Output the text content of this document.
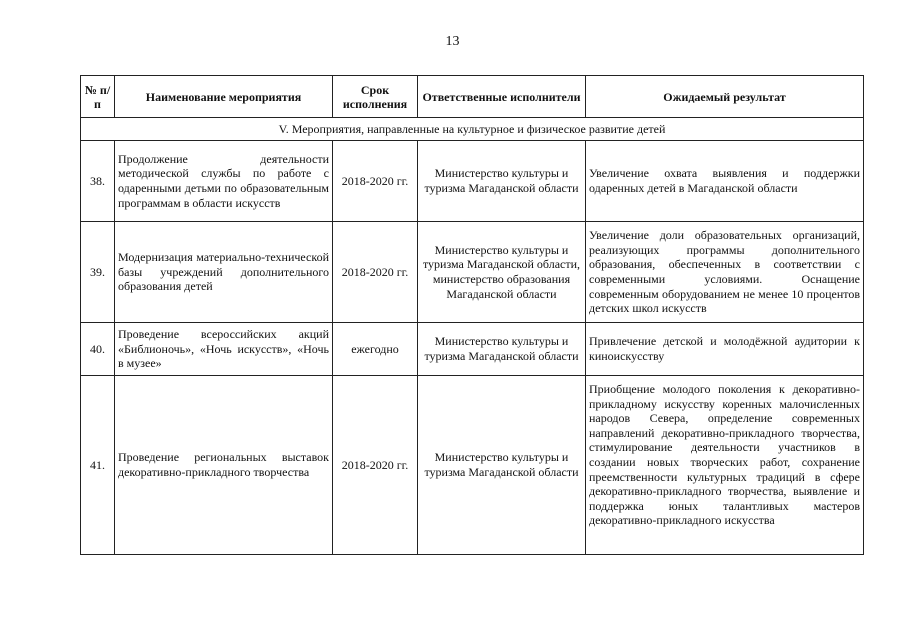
13
№ п/п	Наименование мероприятия	Срок исполнения	Ответственные исполнители	Ожидаемый результат
V. Мероприятия, направленные на культурное и физическое развитие детей				
38.	Продолжение деятельности методической службы по работе с одаренными детьми по образовательным программам в области искусств	2018-2020 гг.	Министерство культуры и туризма Магаданской области	Увеличение охвата выявления и поддержки одаренных детей в Магаданской области
39.	Модернизация материально-технической базы учреждений дополнительного образования детей	2018-2020 гг.	Министерство культуры и туризма Магаданской области, министерство образования Магаданской области	Увеличение доли образовательных организаций, реализующих программы дополнительного образования, обеспеченных в соответствии с современными условиями. Оснащение современным оборудованием не менее 10 процентов детских школ искусств
40.	Проведение всероссийских акций «Библионочь», «Ночь искусств», «Ночь в музее»	ежегодно	Министерство культуры и туризма Магаданской области	Привлечение детской и молодёжной аудитории к киноискусству
41.	Проведение региональных выставок декоративно-прикладного творчества	2018-2020 гг.	Министерство культуры и туризма Магаданской области	Приобщение молодого поколения к декоративно-прикладному искусству коренных малочисленных народов Севера, определение современных направлений декоративно-прикладного творчества, стимулирование деятельности участников в создании новых творческих работ, сохранение преемственности культурных традиций в сфере декоративно-прикладного творчества, выявление и поддержка юных талантливых мастеров декоративно-прикладного искусства
